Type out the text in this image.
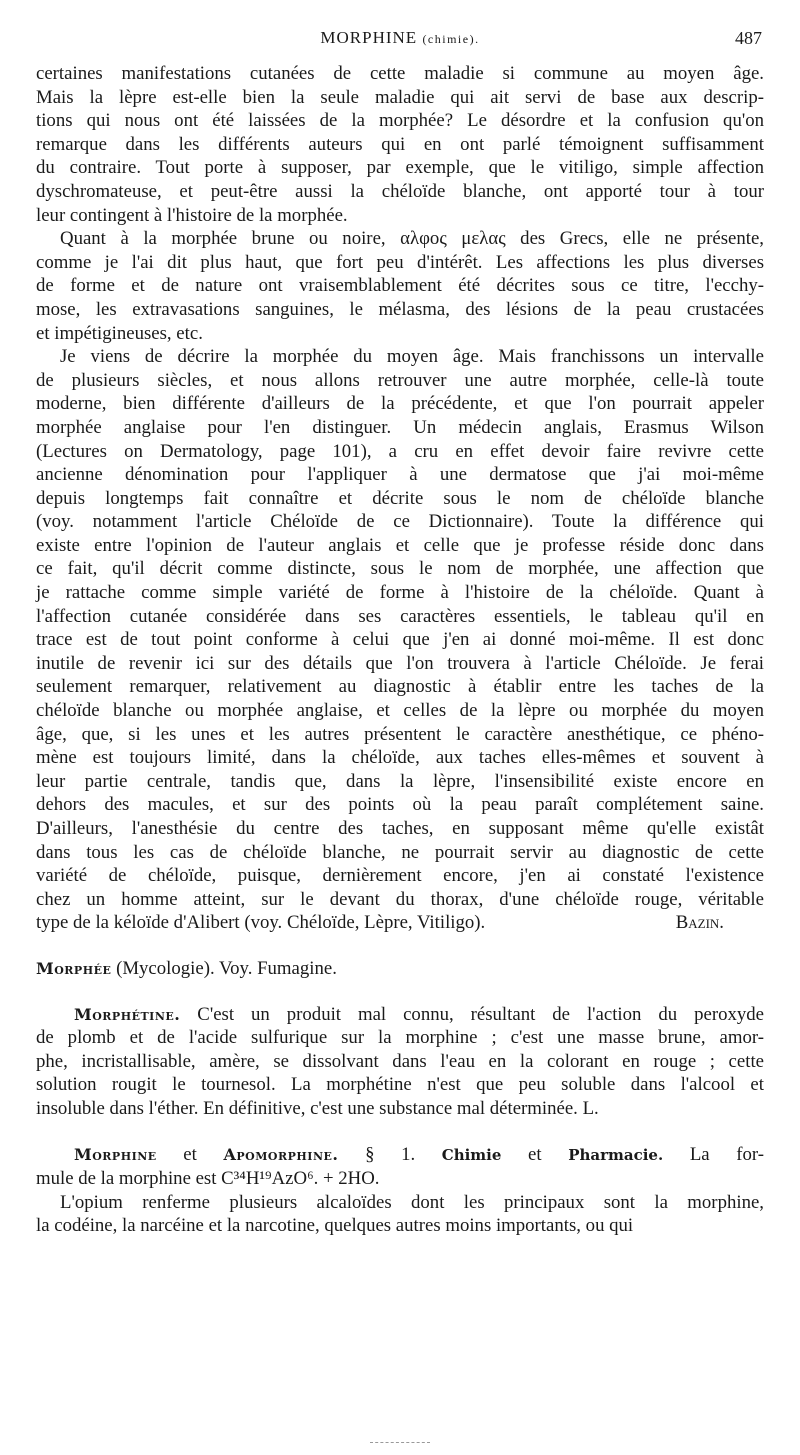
MORPHINE (chimie).	487

certaines manifestations cutanées de cette maladie si commune au moyen âge.
Mais la lèpre est-elle bien la seule maladie qui ait servi de base aux descrip-
tions qui nous ont été laissées de la morphée? Le désordre et la confusion qu'on
remarque dans les différents auteurs qui en ont parlé témoignent suffisamment
du contraire. Tout porte à supposer, par exemple, que le vitiligo, simple affection
dyschromateuse, et peut-être aussi la chéloïde blanche, ont apporté tour à tour
leur contingent à l'histoire de la morphée.

Quant à la morphée brune ou noire, αλφος μελας des Grecs, elle ne présente,
comme je l'ai dit plus haut, que fort peu d'intérêt. Les affections les plus diverses
de forme et de nature ont vraisemblablement été décrites sous ce titre, l'ecchy-
mose, les extravasations sanguines, le mélasma, des lésions de la peau crustacées
et impétigineuses, etc.

Je viens de décrire la morphée du moyen âge. Mais franchissons un intervalle
de plusieurs siècles, et nous allons retrouver une autre morphée, celle-là toute
moderne, bien différente d'ailleurs de la précédente, et que l'on pourrait appeler
morphée anglaise pour l'en distinguer. Un médecin anglais, Erasmus Wilson
(Lectures on Dermatology, page 101), a cru en effet devoir faire revivre cette
ancienne dénomination pour l'appliquer à une dermatose que j'ai moi-même
depuis longtemps fait connaître et décrite sous le nom de chéloïde blanche
(voy. notamment l'article Chéloïde de ce Dictionnaire). Toute la différence qui
existe entre l'opinion de l'auteur anglais et celle que je professe réside donc dans
ce fait, qu'il décrit comme distincte, sous le nom de morphée, une affection que
je rattache comme simple variété de forme à l'histoire de la chéloïde. Quant à
l'affection cutanée considérée dans ses caractères essentiels, le tableau qu'il en
trace est de tout point conforme à celui que j'en ai donné moi-même. Il est donc
inutile de revenir ici sur des détails que l'on trouvera à l'article Chéloïde. Je ferai
seulement remarquer, relativement au diagnostic à établir entre les taches de la
chéloïde blanche ou morphée anglaise, et celles de la lèpre ou morphée du moyen
âge, que, si les unes et les autres présentent le caractère anesthétique, ce phéno-
mène est toujours limité, dans la chéloïde, aux taches elles-mêmes et souvent à
leur partie centrale, tandis que, dans la lèpre, l'insensibilité existe encore en
dehors des macules, et sur des points où la peau paraît complétement saine.
D'ailleurs, l'anesthésie du centre des taches, en supposant même qu'elle existât
dans tous les cas de chéloïde blanche, ne pourrait servir au diagnostic de cette
variété de chéloïde, puisque, dernièrement encore, j'en ai constaté l'existence
chez un homme atteint, sur le devant du thorax, d'une chéloïde rouge, véritable
type de la kéloïde d'Alibert (voy. Chéloïde, Lèpre, Vitiligo).	Bazin.

Morphée (Mycologie). Voy. Fumagine.

Morphétine. C'est un produit mal connu, résultant de l'action du peroxyde
de plomb et de l'acide sulfurique sur la morphine ; c'est une masse brune, amor-
phe, incristallisable, amère, se dissolvant dans l'eau en la colorant en rouge ; cette
solution rougit le tournesol. La morphétine n'est que peu soluble dans l'alcool et
insoluble dans l'éther. En définitive, c'est une substance mal déterminée. L.

Morphine et Apomorphine. § 1. Chimie et Pharmacie. La for-
mule de la morphine est C³⁴H¹⁹AzO⁶. + 2HO.

L'opium renferme plusieurs alcaloïdes dont les principaux sont la morphine,
la codéine, la narcéine et la narcotine, quelques autres moins importants, ou qui
